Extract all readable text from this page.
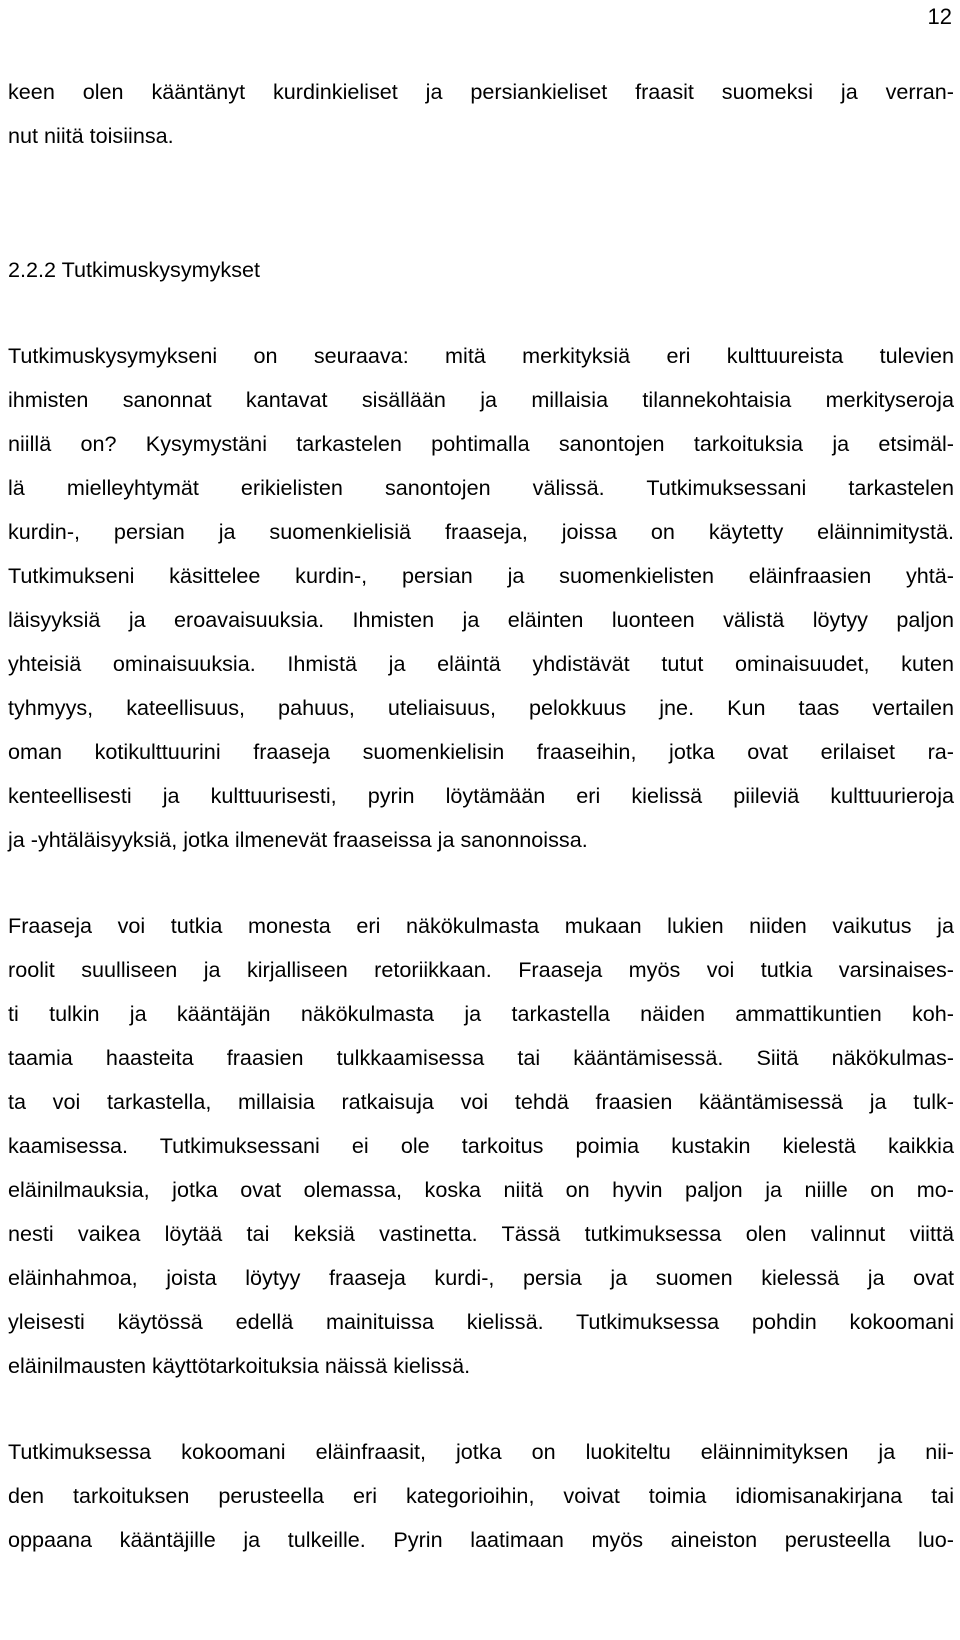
12
keen olen kääntänyt kurdinkieliset ja persiankieliset fraasit suomeksi ja verran-
nut niitä toisiinsa.
2.2.2 Tutkimuskysymykset
Tutkimuskysymykseni on seuraava: mitä merkityksiä eri kulttuureista tulevien
ihmisten sanonnat kantavat sisällään ja millaisia tilannekohtaisia merkityseroja
niillä on? Kysymystäni tarkastelen pohtimalla sanontojen tarkoituksia ja etsimäl-
lä mielleyhtymät erikielisten sanontojen välissä. Tutkimuksessani tarkastelen
kurdin-, persian ja suomenkielisiä fraaseja, joissa on käytetty eläinnimitystä.
Tutkimukseni käsittelee kurdin-, persian ja suomenkielisten eläinfraasien yhtä-
läisyyksiä ja eroavaisuuksia. Ihmisten ja eläinten luonteen välistä löytyy paljon
yhteisiä ominaisuuksia. Ihmistä ja eläintä yhdistävät tutut ominaisuudet, kuten
tyhmyys, kateellisuus, pahuus, uteliaisuus, pelokkuus jne. Kun taas vertailen
oman kotikulttuurini fraaseja suomenkielisin fraaseihin, jotka ovat erilaiset ra-
kenteellisesti ja kulttuurisesti, pyrin löytämään eri kielissä piileviä kulttuurieroja
ja -yhtäläisyyksiä, jotka ilmenevät fraaseissa ja sanonnoissa.
Fraaseja voi tutkia monesta eri näkökulmasta mukaan lukien niiden vaikutus ja
roolit suulliseen ja kirjalliseen retoriikkaan. Fraaseja myös voi tutkia varsinaises-
ti tulkin ja kääntäjän näkökulmasta ja tarkastella näiden ammattikuntien koh-
taamia haasteita fraasien tulkkaamisessa tai kääntämisessä. Siitä näkökulmas-
ta voi tarkastella, millaisia ratkaisuja voi tehdä fraasien kääntämisessä ja tulk-
kaamisessa. Tutkimuksessani ei ole tarkoitus poimia kustakin kielestä kaikkia
eläinilmauksia, jotka ovat olemassa, koska niitä on hyvin paljon ja niille on mo-
nesti vaikea löytää tai keksiä vastinetta. Tässä tutkimuksessa olen valinnut viittä
eläinhahmoa, joista löytyy fraaseja kurdi-, persia ja suomen kielessä ja ovat
yleisesti käytössä edellä mainituissa kielissä. Tutkimuksessa pohdin kokoomani
eläinilmausten käyttötarkoituksia näissä kielissä.
Tutkimuksessa kokoomani eläinfraasit, jotka on luokiteltu eläinnimityksen ja nii-
den tarkoituksen perusteella eri kategorioihin, voivat toimia idiomisanakirjana tai
oppaana kääntäjille ja tulkeille. Pyrin laatimaan myös aineiston perusteella luo-
